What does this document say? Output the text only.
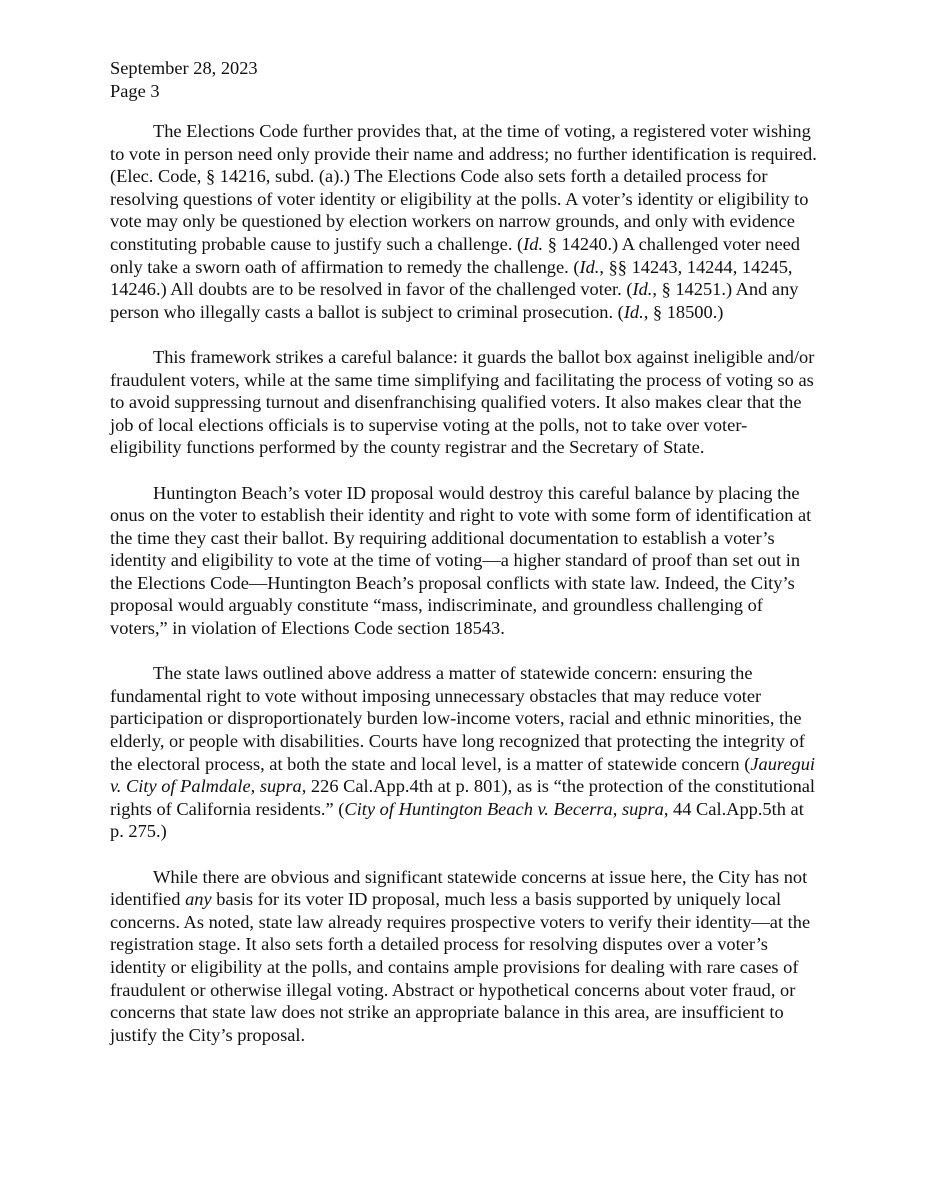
September 28, 2023
Page 3

The Elections Code further provides that, at the time of voting, a registered voter wishing to vote in person need only provide their name and address; no further identification is required. (Elec. Code, § 14216, subd. (a).) The Elections Code also sets forth a detailed process for resolving questions of voter identity or eligibility at the polls. A voter’s identity or eligibility to vote may only be questioned by election workers on narrow grounds, and only with evidence constituting probable cause to justify such a challenge. (Id. § 14240.) A challenged voter need only take a sworn oath of affirmation to remedy the challenge. (Id., §§ 14243, 14244, 14245, 14246.) All doubts are to be resolved in favor of the challenged voter. (Id., § 14251.) And any person who illegally casts a ballot is subject to criminal prosecution. (Id., § 18500.)

This framework strikes a careful balance: it guards the ballot box against ineligible and/or fraudulent voters, while at the same time simplifying and facilitating the process of voting so as to avoid suppressing turnout and disenfranchising qualified voters. It also makes clear that the job of local elections officials is to supervise voting at the polls, not to take over voter-eligibility functions performed by the county registrar and the Secretary of State.

Huntington Beach’s voter ID proposal would destroy this careful balance by placing the onus on the voter to establish their identity and right to vote with some form of identification at the time they cast their ballot. By requiring additional documentation to establish a voter’s identity and eligibility to vote at the time of voting—a higher standard of proof than set out in the Elections Code—Huntington Beach’s proposal conflicts with state law. Indeed, the City’s proposal would arguably constitute “mass, indiscriminate, and groundless challenging of voters,” in violation of Elections Code section 18543.

The state laws outlined above address a matter of statewide concern: ensuring the fundamental right to vote without imposing unnecessary obstacles that may reduce voter participation or disproportionately burden low-income voters, racial and ethnic minorities, the elderly, or people with disabilities. Courts have long recognized that protecting the integrity of the electoral process, at both the state and local level, is a matter of statewide concern (Jauregui v. City of Palmdale, supra, 226 Cal.App.4th at p. 801), as is “the protection of the constitutional rights of California residents.” (City of Huntington Beach v. Becerra, supra, 44 Cal.App.5th at p. 275.)

While there are obvious and significant statewide concerns at issue here, the City has not identified any basis for its voter ID proposal, much less a basis supported by uniquely local concerns. As noted, state law already requires prospective voters to verify their identity—at the registration stage. It also sets forth a detailed process for resolving disputes over a voter’s identity or eligibility at the polls, and contains ample provisions for dealing with rare cases of fraudulent or otherwise illegal voting. Abstract or hypothetical concerns about voter fraud, or concerns that state law does not strike an appropriate balance in this area, are insufficient to justify the City’s proposal.
